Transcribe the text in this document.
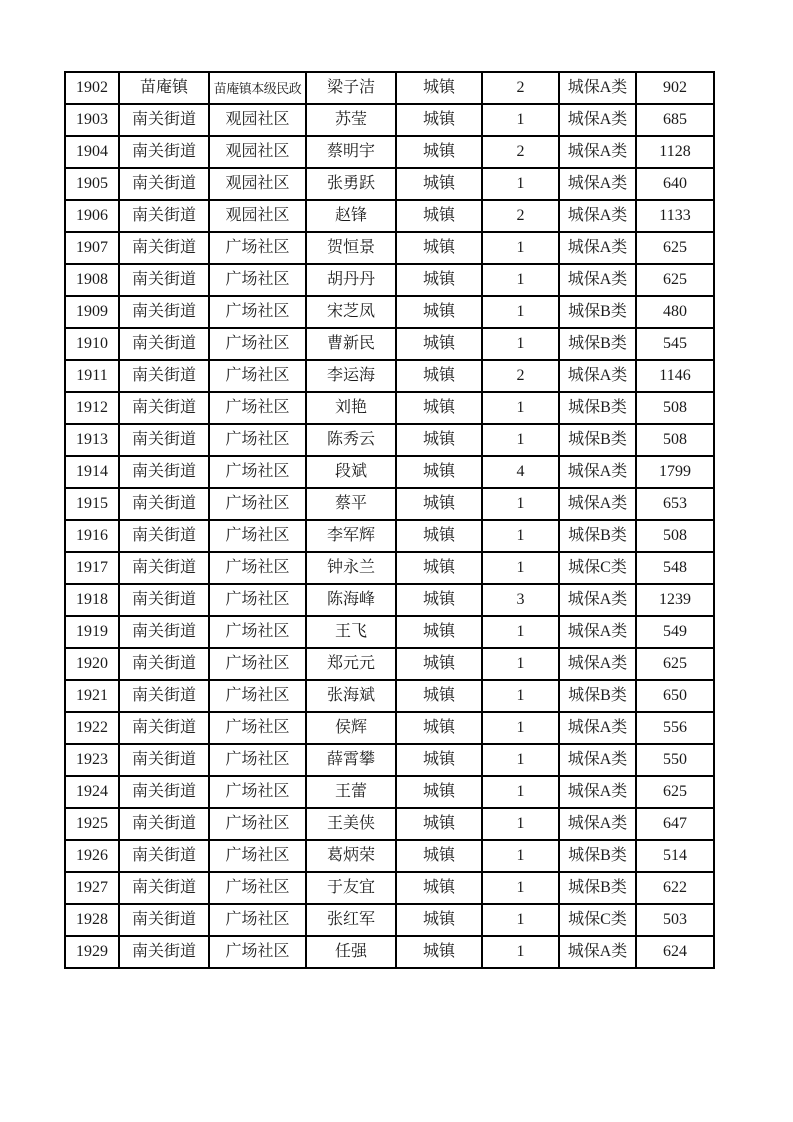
1902	苗庵镇	苗庵镇本级民政	梁子洁	城镇	2	城保A类	902
1903	南关街道	观园社区	苏莹	城镇	1	城保A类	685
1904	南关街道	观园社区	蔡明宇	城镇	2	城保A类	1128
1905	南关街道	观园社区	张勇跃	城镇	1	城保A类	640
1906	南关街道	观园社区	赵锋	城镇	2	城保A类	1133
1907	南关街道	广场社区	贺恒景	城镇	1	城保A类	625
1908	南关街道	广场社区	胡丹丹	城镇	1	城保A类	625
1909	南关街道	广场社区	宋芝凤	城镇	1	城保B类	480
1910	南关街道	广场社区	曹新民	城镇	1	城保B类	545
1911	南关街道	广场社区	李运海	城镇	2	城保A类	1146
1912	南关街道	广场社区	刘艳	城镇	1	城保B类	508
1913	南关街道	广场社区	陈秀云	城镇	1	城保B类	508
1914	南关街道	广场社区	段斌	城镇	4	城保A类	1799
1915	南关街道	广场社区	蔡平	城镇	1	城保A类	653
1916	南关街道	广场社区	李军辉	城镇	1	城保B类	508
1917	南关街道	广场社区	钟永兰	城镇	1	城保C类	548
1918	南关街道	广场社区	陈海峰	城镇	3	城保A类	1239
1919	南关街道	广场社区	王飞	城镇	1	城保A类	549
1920	南关街道	广场社区	郑元元	城镇	1	城保A类	625
1921	南关街道	广场社区	张海斌	城镇	1	城保B类	650
1922	南关街道	广场社区	侯辉	城镇	1	城保A类	556
1923	南关街道	广场社区	薛霄攀	城镇	1	城保A类	550
1924	南关街道	广场社区	王蕾	城镇	1	城保A类	625
1925	南关街道	广场社区	王美侠	城镇	1	城保A类	647
1926	南关街道	广场社区	葛炳荣	城镇	1	城保B类	514
1927	南关街道	广场社区	于友宜	城镇	1	城保B类	622
1928	南关街道	广场社区	张红军	城镇	1	城保C类	503
1929	南关街道	广场社区	任强	城镇	1	城保A类	624
